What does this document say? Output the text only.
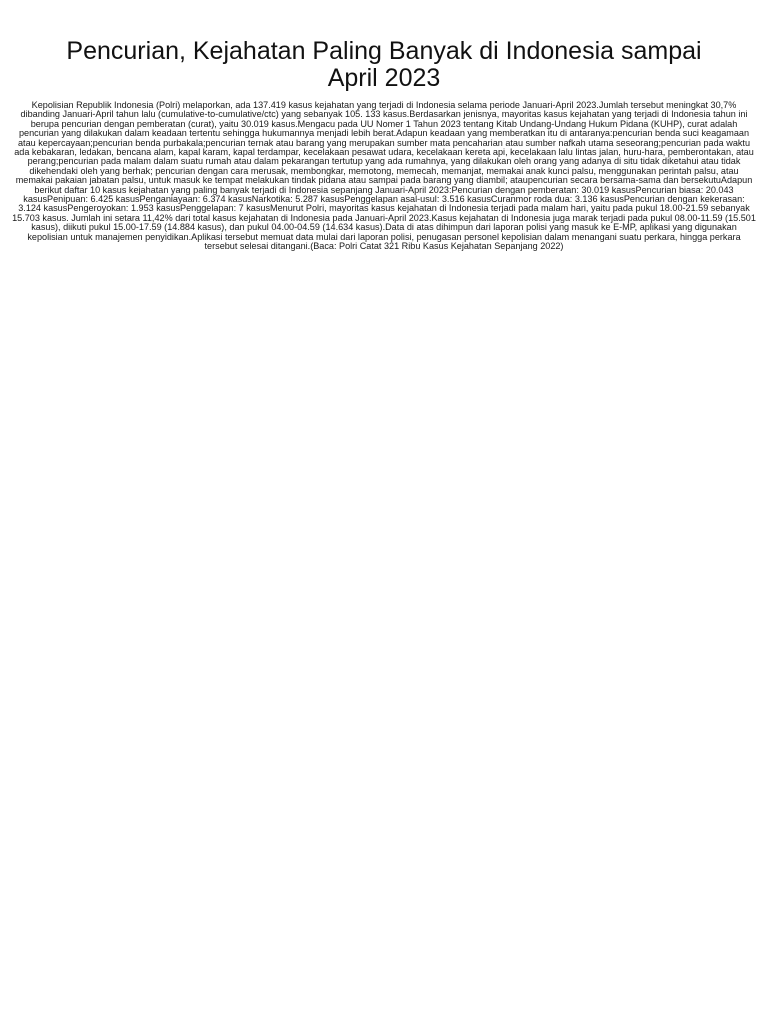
Pencurian, Kejahatan Paling Banyak di Indonesia sampai April 2023

Kepolisian Republik Indonesia (Polri) melaporkan, ada 137.419 kasus kejahatan yang terjadi di Indonesia selama periode Januari-April 2023.Jumlah tersebut meningkat 30,7% dibanding Januari-April tahun lalu (cumulative-to-cumulative/ctc) yang sebanyak 105. 133 kasus.Berdasarkan jenisnya, mayoritas kasus kejahatan yang terjadi di Indonesia tahun ini berupa pencurian dengan pemberatan (curat), yaitu 30.019 kasus.Mengacu pada UU Nomer 1 Tahun 2023 tentang Kitab Undang-Undang Hukum Pidana (KUHP), curat adalah pencurian yang dilakukan dalam keadaan tertentu sehingga hukumannya menjadi lebih berat.Adapun keadaan yang memberatkan itu di antaranya:pencurian benda suci keagamaan atau kepercayaan;pencurian benda purbakala;pencurian ternak atau barang yang merupakan sumber mata pencaharian atau sumber nafkah utama seseorang;pencurian pada waktu ada kebakaran, ledakan, bencana alam, kapal karam, kapal terdampar, kecelakaan pesawat udara, kecelakaan kereta api, kecelakaan lalu lintas jalan, huru-hara, pemberontakan, atau perang;pencurian pada malam dalam suatu rumah atau dalam pekarangan tertutup yang ada rumahnya, yang dilakukan oleh orang yang adanya di situ tidak diketahui atau tidak dikehendaki oleh yang berhak; pencurian dengan cara merusak, membongkar, memotong, memecah, memanjat, memakai anak kunci palsu, menggunakan perintah palsu, atau memakai pakaian jabatan palsu, untuk masuk ke tempat melakukan tindak pidana atau sampai pada barang yang diambil; ataupencurian secara bersama-sama dan bersekutuAdapun berikut daftar 10 kasus kejahatan yang paling banyak terjadi di Indonesia sepanjang Januari-April 2023:Pencurian dengan pemberatan: 30.019 kasusPencurian biasa: 20.043 kasusPenipuan: 6.425 kasusPenganiayaan: 6.374 kasusNarkotika: 5.287 kasusPenggelapan asal-usul: 3.516 kasusCuranmor roda dua: 3.136 kasusPencurian dengan kekerasan: 3.124 kasusPengeroyokan: 1.953 kasusPenggelapan: 7 kasusMenurut Polri, mayoritas kasus kejahatan di Indonesia terjadi pada malam hari, yaitu pada pukul 18.00-21.59 sebanyak 15.703 kasus. Jumlah ini setara 11,42% dari total kasus kejahatan di Indonesia pada Januari-April 2023.Kasus kejahatan di Indonesia juga marak terjadi pada pukul 08.00-11.59 (15.501 kasus), diikuti pukul 15.00-17.59 (14.884 kasus), dan pukul 04.00-04.59 (14.634 kasus).Data di atas dihimpun dari laporan polisi yang masuk ke E-MP, aplikasi yang digunakan kepolisian untuk manajemen penyidikan.Aplikasi tersebut memuat data mulai dari laporan polisi, penugasan personel kepolisian dalam menangani suatu perkara, hingga perkara tersebut selesai ditangani.(Baca: Polri Catat 321 Ribu Kasus Kejahatan Sepanjang 2022)
